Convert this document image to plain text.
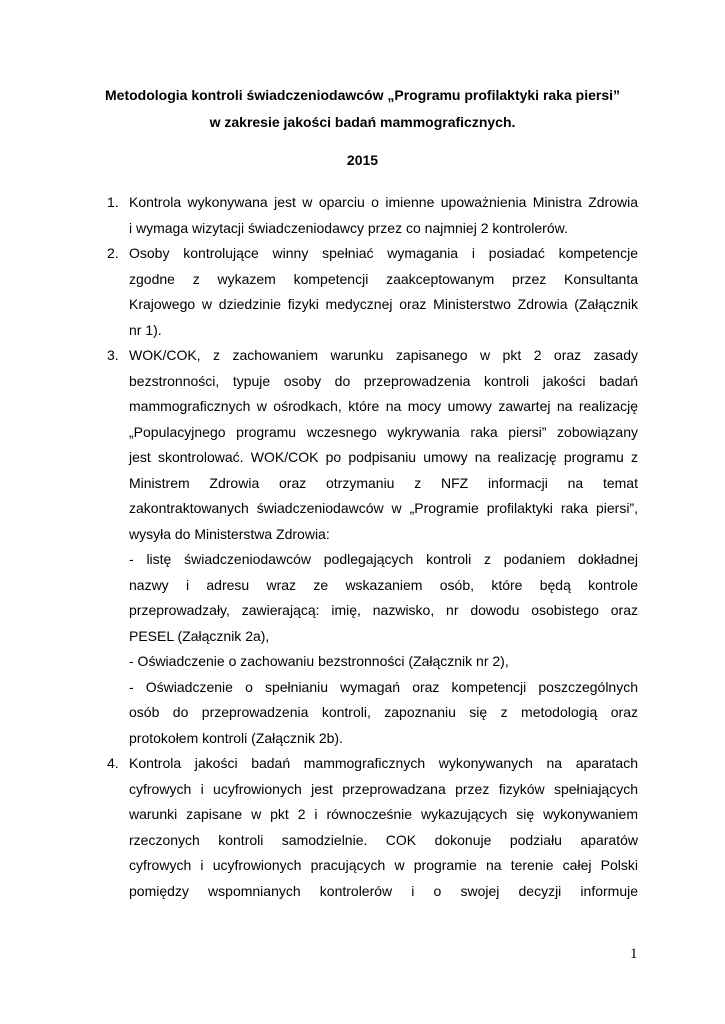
Metodologia kontroli świadczeniodawców „Programu profilaktyki raka piersi”
w zakresie jakości badań mammograficznych.
2015
1. Kontrola wykonywana jest w oparciu o imienne upoważnienia Ministra Zdrowia
i wymaga wizytacji świadczeniodawcy przez co najmniej 2 kontrolerów.
2. Osoby kontrolujące winny spełniać wymagania i posiadać kompetencje
zgodne z wykazem kompetencji zaakceptowanym przez Konsultanta
Krajowego w dziedzinie fizyki medycznej oraz Ministerstwo Zdrowia (Załącznik
nr 1).
3. WOK/COK, z zachowaniem warunku zapisanego w pkt 2 oraz zasady
bezstronności, typuje osoby do przeprowadzenia kontroli jakości badań
mammograficznych w ośrodkach, które na mocy umowy zawartej na realizację
„Populacyjnego programu wczesnego wykrywania raka piersi” zobowiązany
jest skontrolować. WOK/COK po podpisaniu umowy na realizację programu z
Ministrem Zdrowia oraz otrzymaniu z NFZ informacji na temat
zakontraktowanych świadczeniodawców w „Programie profilaktyki raka piersi”,
wysyła do Ministerstwa Zdrowia:
- listę świadczeniodawców podlegających kontroli z podaniem dokładnej
nazwy i adresu wraz ze wskazaniem osób, które będą kontrole
przeprowadzały, zawierającą: imię, nazwisko, nr dowodu osobistego oraz
PESEL (Załącznik 2a),
- Oświadczenie o zachowaniu bezstronności (Załącznik nr 2),
- Oświadczenie o spełnianiu wymagań oraz kompetencji poszczególnych
osób do przeprowadzenia kontroli, zapoznaniu się z metodologią oraz
protokołem kontroli (Załącznik 2b).
4. Kontrola jakości badań mammograficznych wykonywanych na aparatach
cyfrowych i ucyfrowionych jest przeprowadzana przez fizyków spełniających
warunki zapisane w pkt 2 i równocześnie wykazujących się wykonywaniem
rzeczonych kontroli samodzielnie. COK dokonuje podziału aparatów
cyfrowych i ucyfrowionych pracujących w programie na terenie całej Polski
pomiędzy wspomnianych kontrolerów i o swojej decyzji informuje
1
